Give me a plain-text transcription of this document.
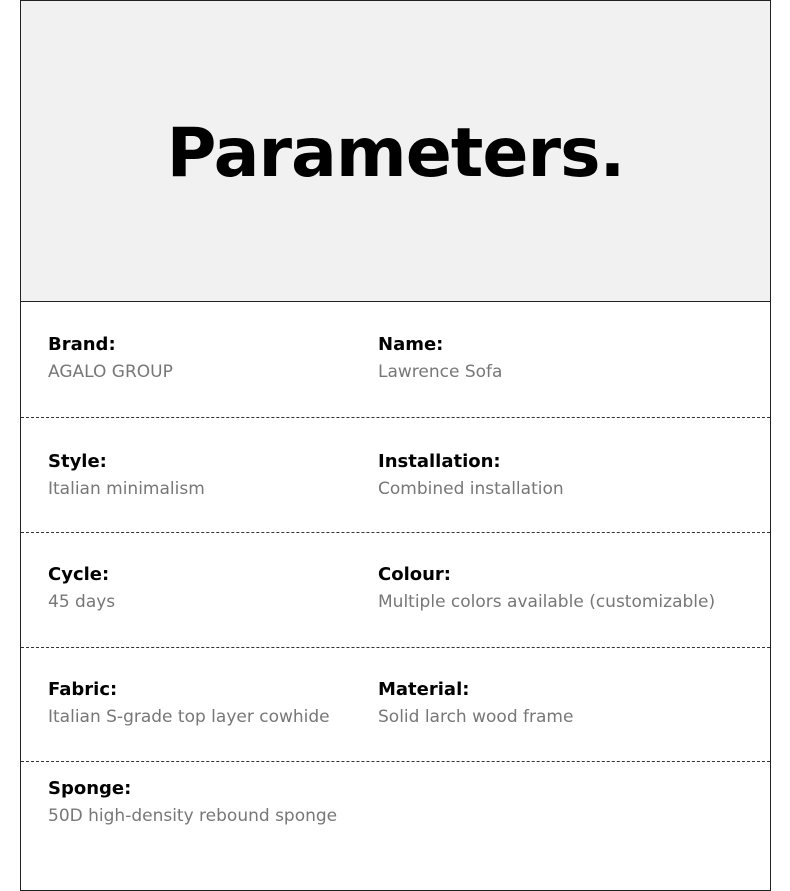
Parameters.
Brand:
AGALO GROUP
Name:
Lawrence Sofa
Style:
Italian minimalism
Installation:
Combined installation
Cycle:
45 days
Colour:
Multiple colors available (customizable)
Fabric:
Italian S-grade top layer cowhide
Material:
Solid larch wood frame
Sponge:
50D high-density rebound sponge
